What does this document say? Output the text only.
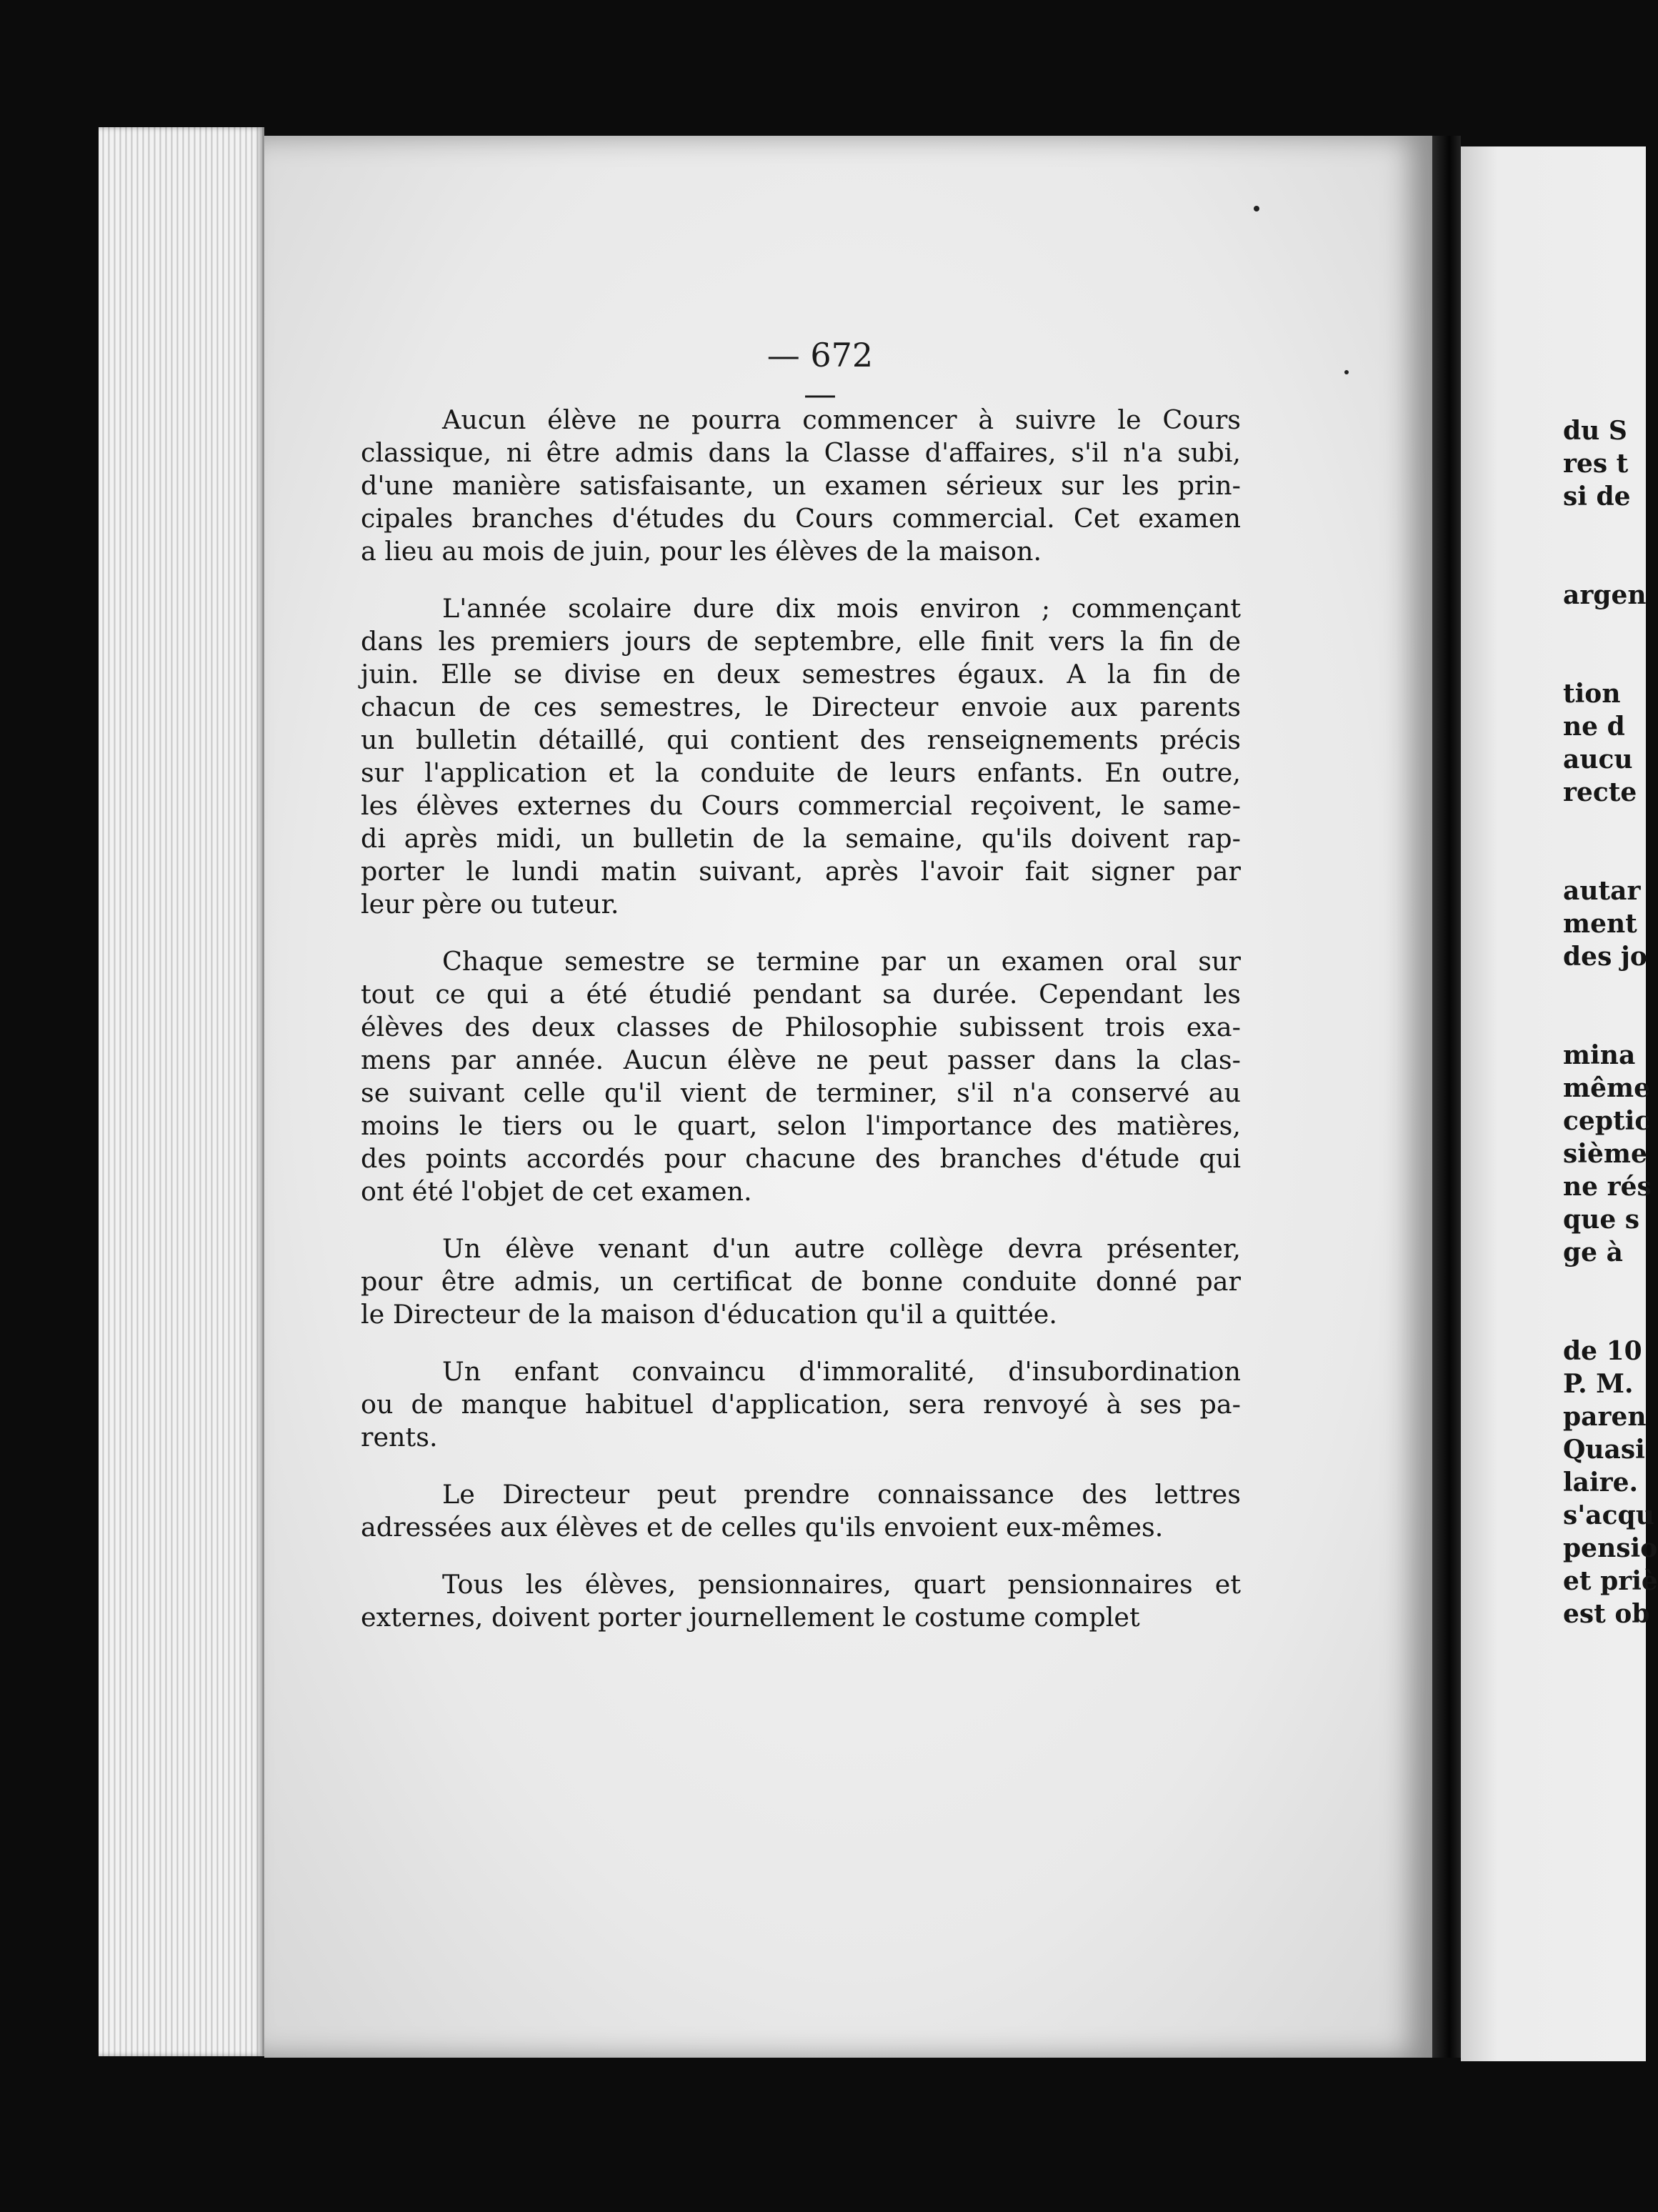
— 672 —
Aucun élève ne pourra commencer à suivre le Cours
classique, ni être admis dans la Classe d'affaires, s'il n'a subi,
d'une manière satisfaisante, un examen sérieux sur les prin-
cipales branches d'études du Cours commercial. Cet examen
a lieu au mois de juin, pour les élèves de la maison.
L'année scolaire dure dix mois environ ; commençant
dans les premiers jours de septembre, elle finit vers la fin de
juin. Elle se divise en deux semestres égaux. A la fin de
chacun de ces semestres, le Directeur envoie aux parents
un bulletin détaillé, qui contient des renseignements précis
sur l'application et la conduite de leurs enfants. En outre,
les élèves externes du Cours commercial reçoivent, le same-
di après midi, un bulletin de la semaine, qu'ils doivent rap-
porter le lundi matin suivant, après l'avoir fait signer par
leur père ou tuteur.
Chaque semestre se termine par un examen oral sur
tout ce qui a été étudié pendant sa durée. Cependant les
élèves des deux classes de Philosophie subissent trois exa-
mens par année. Aucun élève ne peut passer dans la clas-
se suivant celle qu'il vient de terminer, s'il n'a conservé au
moins le tiers ou le quart, selon l'importance des matières,
des points accordés pour chacune des branches d'étude qui
ont été l'objet de cet examen.
Un élève venant d'un autre collège devra présenter,
pour être admis, un certificat de bonne conduite donné par
le Directeur de la maison d'éducation qu'il a quittée.
Un enfant convaincu d'immoralité, d'insubordination
ou de manque habituel d'application, sera renvoyé à ses pa-
rents.
Le Directeur peut prendre connaissance des lettres
adressées aux élèves et de celles qu'ils envoient eux-mêmes.
Tous les élèves, pensionnaires, quart pensionnaires et
externes, doivent porter journellement le costume complet
du S
res t
si de
argen
tion
ne d
aucu
recte
autar
ment
des jo
mina
même
ceptic
sième
ne rés
que s
ge à
de 10
P. M.
paren
Quasi
laire.
s'acqu
pensio
et priè
est ob
